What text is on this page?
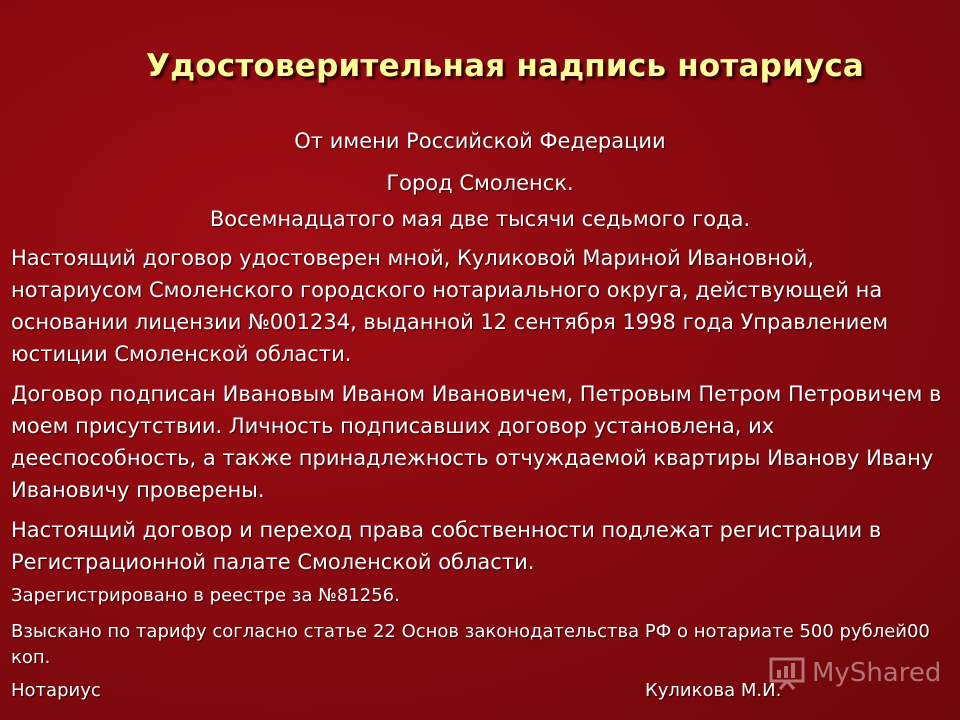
Удостоверительная надпись нотариуса
От имени Российской Федерации
Город Смоленск.
Восемнадцатого мая две тысячи седьмого года.
Настоящий договор удостоверен мной, Куликовой Мариной Ивановной, нотариусом Смоленского городского нотариального округа, действующей на основании лицензии №001234, выданной 12 сентября 1998 года Управлением юстиции Смоленской области.
Договор подписан Ивановым Иваном Ивановичем, Петровым Петром Петровичем в моем присутствии. Личность подписавших договор установлена, их дееспособность, а также принадлежность отчуждаемой квартиры Иванову Ивану Ивановичу проверены.
Настоящий договор и переход права собственности подлежат регистрации в Регистрационной палате Смоленской области.
Зарегистрировано в реестре за №81256.
Взыскано по тарифу согласно статье 22 Основ законодательства РФ о нотариате 500 рублей00 коп.
Нотариус	Куликова М.И.
MyShared
